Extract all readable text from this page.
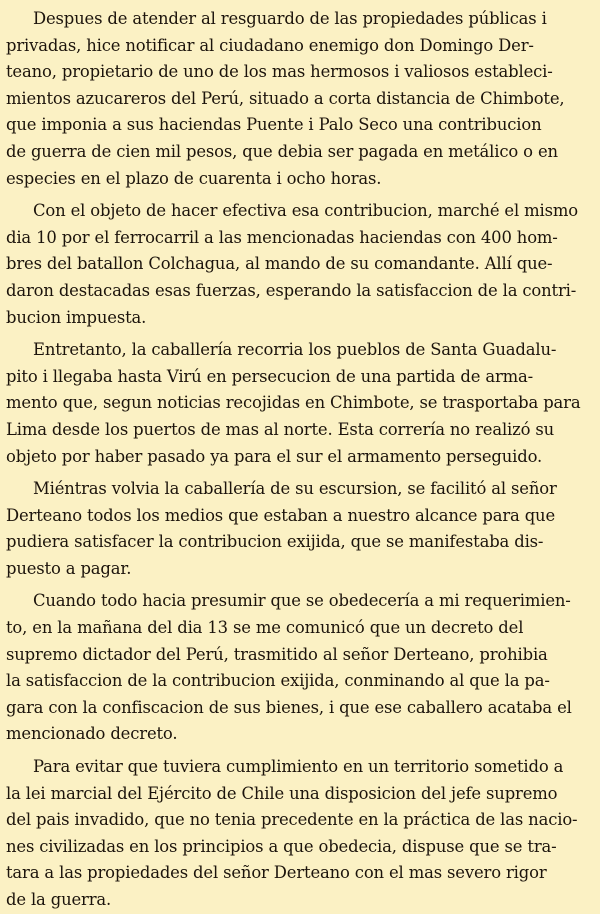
Despues de atender al resguardo de las propiedades públicas i
privadas, hice notificar al ciudadano enemigo don Domingo Der-
teano, propietario de uno de los mas hermosos i valiosos estableci-
mientos azucareros del Perú, situado a corta distancia de Chimbote,
que imponia a sus haciendas Puente i Palo Seco una contribucion
de guerra de cien mil pesos, que debia ser pagada en metálico o en
especies en el plazo de cuarenta i ocho horas.

Con el objeto de hacer efectiva esa contribucion, marché el mismo
dia 10 por el ferrocarril a las mencionadas haciendas con 400 hom-
bres del batallon Colchagua, al mando de su comandante. Allí que-
daron destacadas esas fuerzas, esperando la satisfaccion de la contri-
bucion impuesta.

Entretanto, la caballería recorria los pueblos de Santa Guadalu-
pito i llegaba hasta Virú en persecucion de una partida de arma-
mento que, segun noticias recojidas en Chimbote, se trasportaba para
Lima desde los puertos de mas al norte. Esta correría no realizó su
objeto por haber pasado ya para el sur el armamento perseguido.

Miéntras volvia la caballería de su escursion, se facilitó al señor
Derteano todos los medios que estaban a nuestro alcance para que
pudiera satisfacer la contribucion exijida, que se manifestaba dis-
puesto a pagar.

Cuando todo hacia presumir que se obedecería a mi requerimien-
to, en la mañana del dia 13 se me comunicó que un decreto del
supremo dictador del Perú, trasmitido al señor Derteano, prohibia
la satisfaccion de la contribucion exijida, conminando al que la pa-
gara con la confiscacion de sus bienes, i que ese caballero acataba el
mencionado decreto.

Para evitar que tuviera cumplimiento en un territorio sometido a
la lei marcial del Ejército de Chile una disposicion del jefe supremo
del pais invadido, que no tenia precedente en la práctica de las nacio-
nes civilizadas en los principios a que obedecia, dispuse que se tra-
tara a las propiedades del señor Derteano con el mas severo rigor
de la guerra.
